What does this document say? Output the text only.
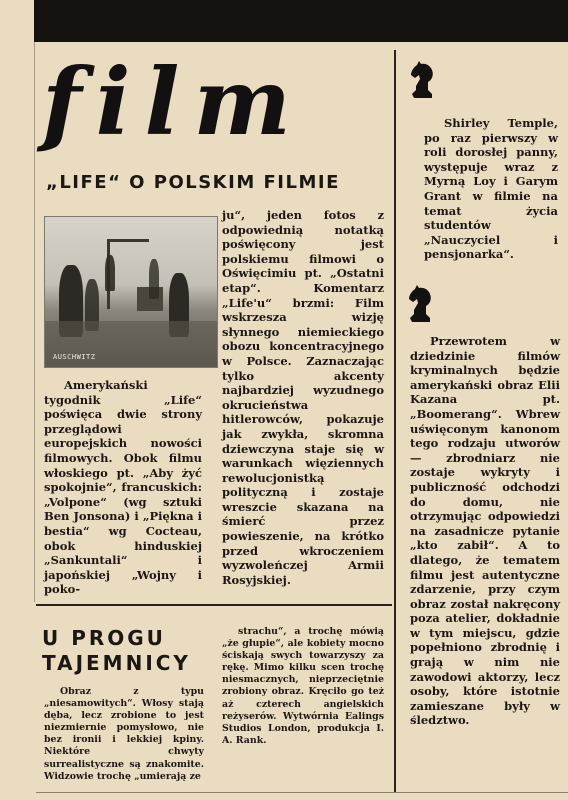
film
„LIFE“ O POLSKIM FILMIE
AUSCHWITZ

Amerykański tygodnik „Life“ poświęca dwie strony przeglądowi europejskich nowości filmowych. Obok filmu włoskiego pt. „Aby żyć spokojnie“, francuskich: „Volpone“ (wg sztuki Ben Jonsona) i „Piękna i bestia“ wg Cocteau, obok hinduskiej „Sankuntali“ i japońskiej „Wojny i poko-

ju“, jeden fotos z odpowiednią notatką poświęcony jest polskiemu filmowi o Oświęcimiu pt. „Ostatni etap“. Komentarz „Life'u“ brzmi: Film wskrzesza wizję słynnego niemieckiego obozu koncentracyjnego w Polsce. Zaznaczając tylko akcenty najbardziej wyzudnego okrucieństwa hitlerowców, pokazuje jak zwykła, skromna dziewczyna staje się w warunkach więziennych rewolucjonistką polityczną i zostaje wreszcie skazana na śmierć przez powieszenie, na krótko przed wkroczeniem wyzwoleńczej Armii Rosyjskiej.

U PROGU
TAJEMNICY

Obraz z typu „niesamowitych“. Włosy stają dęba, lecz zrobione to jest niezmiernie pomysłowo, nie bez ironii i lekkiej kpiny. Niektóre chwyty surrealistyczne są znakomite. Widzowie trochę „umierają ze

strachu“, a trochę mówią „że głupie“, ale kobiety mocno ściskają swych towarzyszy za rękę. Mimo kilku scen trochę niesmacznych, nieprzeciętnie zrobiony obraz. Kręciło go też aż czterech angielskich reżyserów. Wytwórnia Ealings Studios London, produkcja I. A. Rank.

Shirley Temple, po raz pierwszy w roli dorosłej panny, występuje wraz z Myrną Loy i Garym Grant w filmie na temat życia studentów „Nauczyciel i pensjonarka“.

Przewrotem w dziedzinie filmów kryminalnych będzie amerykański obraz Elii Kazana pt. „Boomerang“. Wbrew uświęconym kanonom tego rodzaju utworów — zbrodniarz nie zostaje wykryty i publiczność odchodzi do domu, nie otrzymując odpowiedzi na zasadnicze pytanie „kto zabił“. A to dlatego, że tematem filmu jest autentyczne zdarzenie, przy czym obraz został nakręcony poza atelier, dokładnie w tym miejscu, gdzie popełniono zbrodnię i grają w nim nie zawodowi aktorzy, lecz osoby, które istotnie zamieszane były w śledztwo.
